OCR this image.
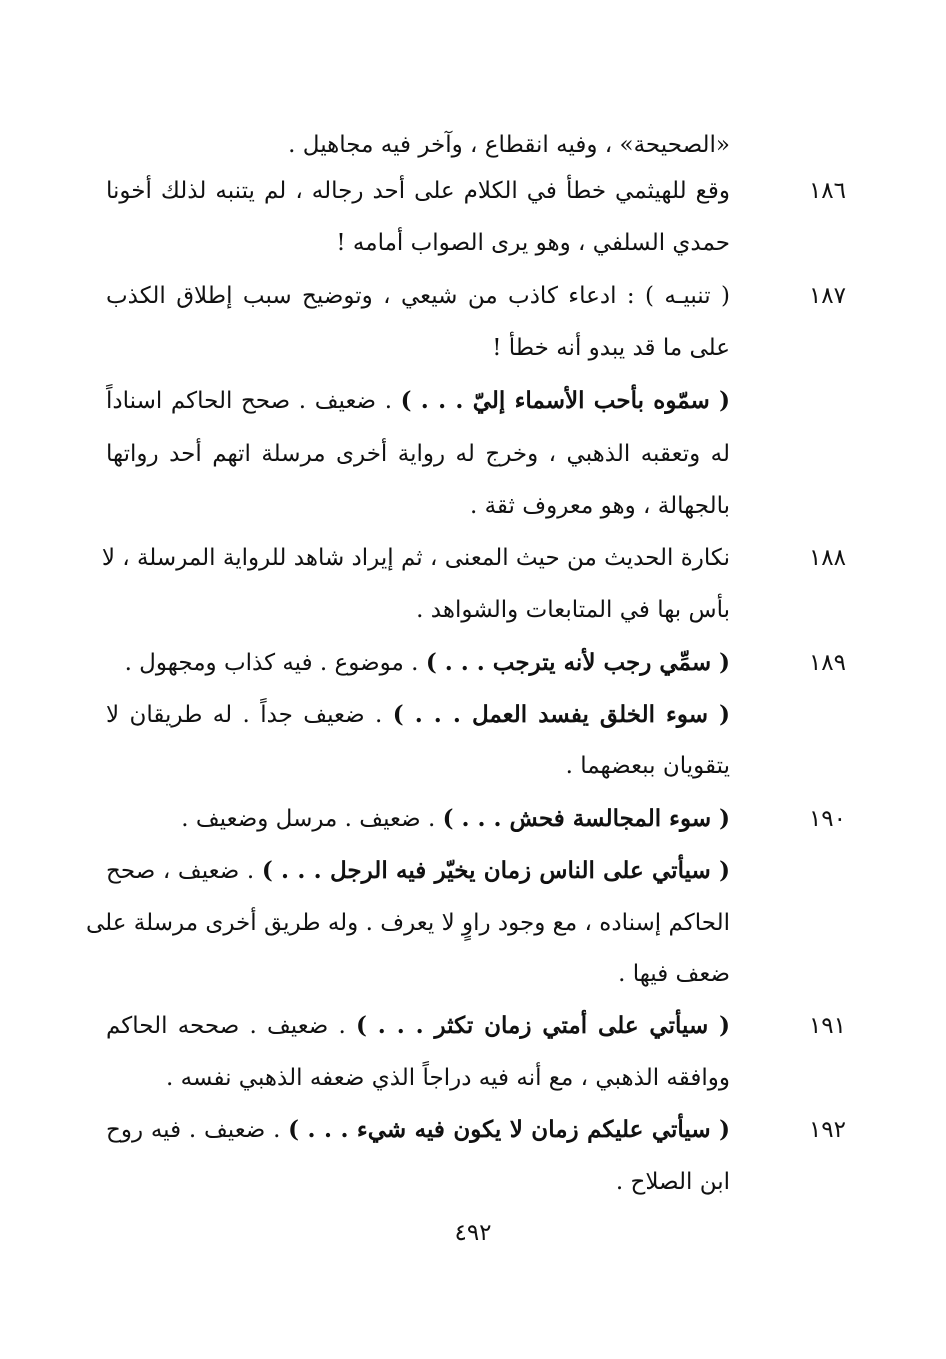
«الصحيحة» ، وفيه انقطاع ، وآخر فيه مجاهيل .
١٨٦
وقع للهيثمي خطأ في الكلام على أحد رجاله ، لم يتنبه لذلك أخونا
حمدي السلفي ، وهو يرى الصواب أمامه !
١٨٧
( تنبيـه ) : ادعاء كاذب من شيعي ، وتوضيح سبب إطلاق الكذب
على ما قد يبدو أنه خطأ !
( سمّوه بأحب الأسماء إليّ . . . ) . ضعيف . صحح الحاكم اسناداً
له وتعقبه الذهبي ، وخرج له رواية أخرى مرسلة اتهم أحد رواتها
بالجهالة ، وهو معروف ثقة .
١٨٨
نكارة الحديث من حيث المعنى ، ثم إيراد شاهد للرواية المرسلة ، لا
بأس بها في المتابعات والشواهد .
١٨٩
( سمِّي رجب لأنه يترجب . . . ) . موضوع . فيه كذاب ومجهول .
( سوء الخلق يفسد العمل . . . ) . ضعيف جداً . له طريقان لا
يتقويان ببعضهما .
١٩٠
( سوء المجالسة فحش . . . ) . ضعيف . مرسل وضعيف .
( سيأتي على الناس زمان يخيّر فيه الرجل . . . ) . ضعيف ، صحح
الحاكم إسناده ، مع وجود راوٍ لا يعرف . وله طريق أخرى مرسلة على
ضعف فيها .
١٩١
( سيأتي على أمتي زمان تكثر . . . ) . ضعيف . صححه الحاكم
ووافقه الذهبي ، مع أنه فيه دراجاً الذي ضعفه الذهبي نفسه .
١٩٢
( سيأتي عليكم زمان لا يكون فيه شيء . . . ) . ضعيف . فيه روح
ابن الصلاح .
٤٩٢
